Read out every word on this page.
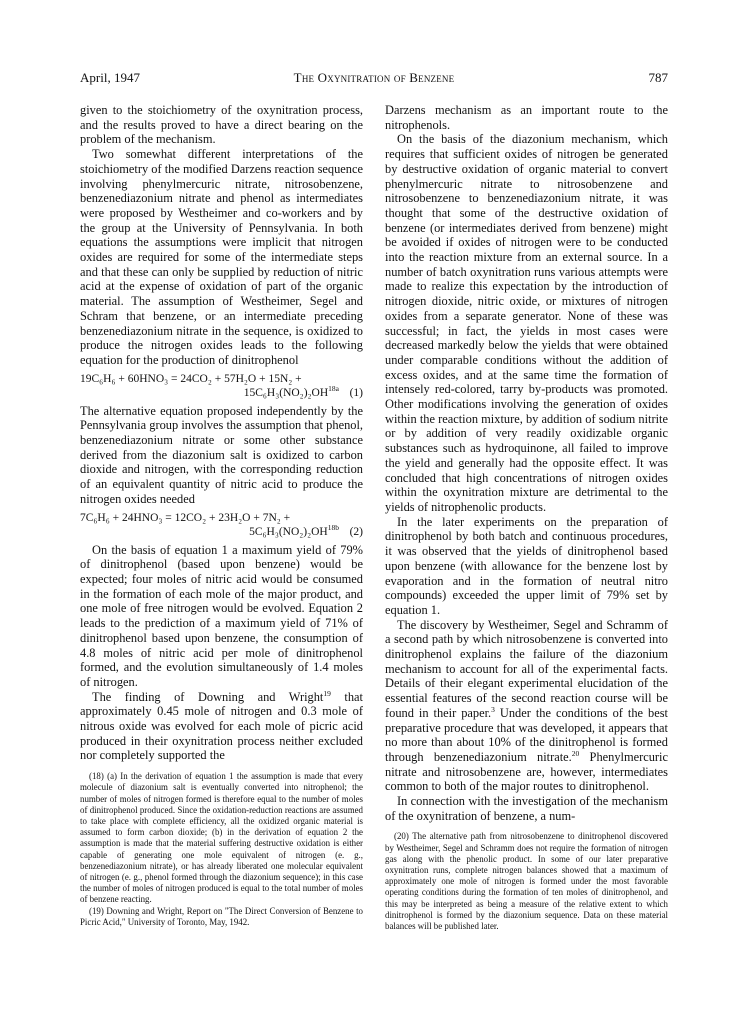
April, 1947	The Oxynitration of Benzene	787

given to the stoichiometry of the oxynitration process, and the results proved to have a direct bearing on the problem of the mechanism.

Two somewhat different interpretations of the stoichiometry of the modified Darzens reaction sequence involving phenylmercuric nitrate, nitrosobenzene, benzenediazonium nitrate and phenol as intermediates were proposed by Westheimer and co-workers and by the group at the University of Pennsylvania. In both equations the assumptions were implicit that nitrogen oxides are required for some of the intermediate steps and that these can only be supplied by reduction of nitric acid at the expense of oxidation of part of the organic material. The assumption of Westheimer, Segel and Schram that benzene, or an intermediate preceding benzenediazonium nitrate in the sequence, is oxidized to produce the nitrogen oxides leads to the following equation for the production of dinitrophenol

19C₆H₆ + 60HNO₃ = 24CO₂ + 57H₂O + 15N₂ +
$15C_6H_3(NO_2)_2OH^{18a}$ (1)

The alternative equation proposed independently by the Pennsylvania group involves the assumption that phenol, benzenediazonium nitrate or some other substance derived from the diazonium salt is oxidized to carbon dioxide and nitrogen, with the corresponding reduction of an equivalent quantity of nitric acid to produce the nitrogen oxides needed

7C₆H₆ + 24HNO₃ = 12CO₂ + 23H₂O + 7N₂ +
$5C_6H_3(NO_2)_2OH^{18b}$ (2)

On the basis of equation 1 a maximum yield of 79% of dinitrophenol (based upon benzene) would be expected; four moles of nitric acid would be consumed in the formation of each mole of the major product, and one mole of free nitrogen would be evolved. Equation 2 leads to the prediction of a maximum yield of 71% of dinitrophenol based upon benzene, the consumption of 4.8 moles of nitric acid per mole of dinitrophenol formed, and the evolution simultaneously of 1.4 moles of nitrogen.

The finding of Downing and Wright$^{19}$ that approximately 0.45 mole of nitrogen and 0.3 mole of nitrous oxide was evolved for each mole of picric acid produced in their oxynitration process neither excluded nor completely supported the

(18) (a) In the derivation of equation 1 the assumption is made that every molecule of diazonium salt is eventually converted into nitrophenol; the number of moles of nitrogen formed is therefore equal to the number of moles of dinitrophenol produced. Since the oxidation-reduction reactions are assumed to take place with complete efficiency, all the oxidized organic material is assumed to form carbon dioxide; (b) in the derivation of equation 2 the assumption is made that the material suffering destructive oxidation is either capable of generating one mole equivalent of nitrogen (e. g., benzenediazonium nitrate), or has already liberated one molecular equivalent of nitrogen (e. g., phenol formed through the diazonium sequence); in this case the number of moles of nitrogen produced is equal to the total number of moles of benzene reacting.

(19) Downing and Wright, Report on "The Direct Conversion of Benzene to Picric Acid," University of Toronto, May, 1942.

Darzens mechanism as an important route to the nitrophenols.

On the basis of the diazonium mechanism, which requires that sufficient oxides of nitrogen be generated by destructive oxidation of organic material to convert phenylmercuric nitrate to nitrosobenzene and nitrosobenzene to benzenediazonium nitrate, it was thought that some of the destructive oxidation of benzene (or intermediates derived from benzene) might be avoided if oxides of nitrogen were to be conducted into the reaction mixture from an external source. In a number of batch oxynitration runs various attempts were made to realize this expectation by the introduction of nitrogen dioxide, nitric oxide, or mixtures of nitrogen oxides from a separate generator. None of these was successful; in fact, the yields in most cases were decreased markedly below the yields that were obtained under comparable conditions without the addition of excess oxides, and at the same time the formation of intensely red-colored, tarry by-products was promoted. Other modifications involving the generation of oxides within the reaction mixture, by addition of sodium nitrite or by addition of very readily oxidizable organic substances such as hydroquinone, all failed to improve the yield and generally had the opposite effect. It was concluded that high concentrations of nitrogen oxides within the oxynitration mixture are detrimental to the yields of nitrophenolic products.

In the later experiments on the preparation of dinitrophenol by both batch and continuous procedures, it was observed that the yields of dinitrophenol based upon benzene (with allowance for the benzene lost by evaporation and in the formation of neutral nitro compounds) exceeded the upper limit of 79% set by equation 1.

The discovery by Westheimer, Segel and Schramm of a second path by which nitrosobenzene is converted into dinitrophenol explains the failure of the diazonium mechanism to account for all of the experimental facts. Details of their elegant experimental elucidation of the essential features of the second reaction course will be found in their paper.$^3$ Under the conditions of the best preparative procedure that was developed, it appears that no more than about 10% of the dinitrophenol is formed through benzenediazonium nitrate.$^{20}$ Phenylmercuric nitrate and nitrosobenzene are, however, intermediates common to both of the major routes to dinitrophenol.

In connection with the investigation of the mechanism of the oxynitration of benzene, a num-

(20) The alternative path from nitrosobenzene to dinitrophenol discovered by Westheimer, Segel and Schramm does not require the formation of nitrogen gas along with the phenolic product. In some of our later preparative oxynitration runs, complete nitrogen balances showed that a maximum of approximately one mole of nitrogen is formed under the most favorable operating conditions during the formation of ten moles of dinitrophenol, and this may be interpreted as being a measure of the relative extent to which dinitrophenol is formed by the diazonium sequence. Data on these material balances will be published later.
